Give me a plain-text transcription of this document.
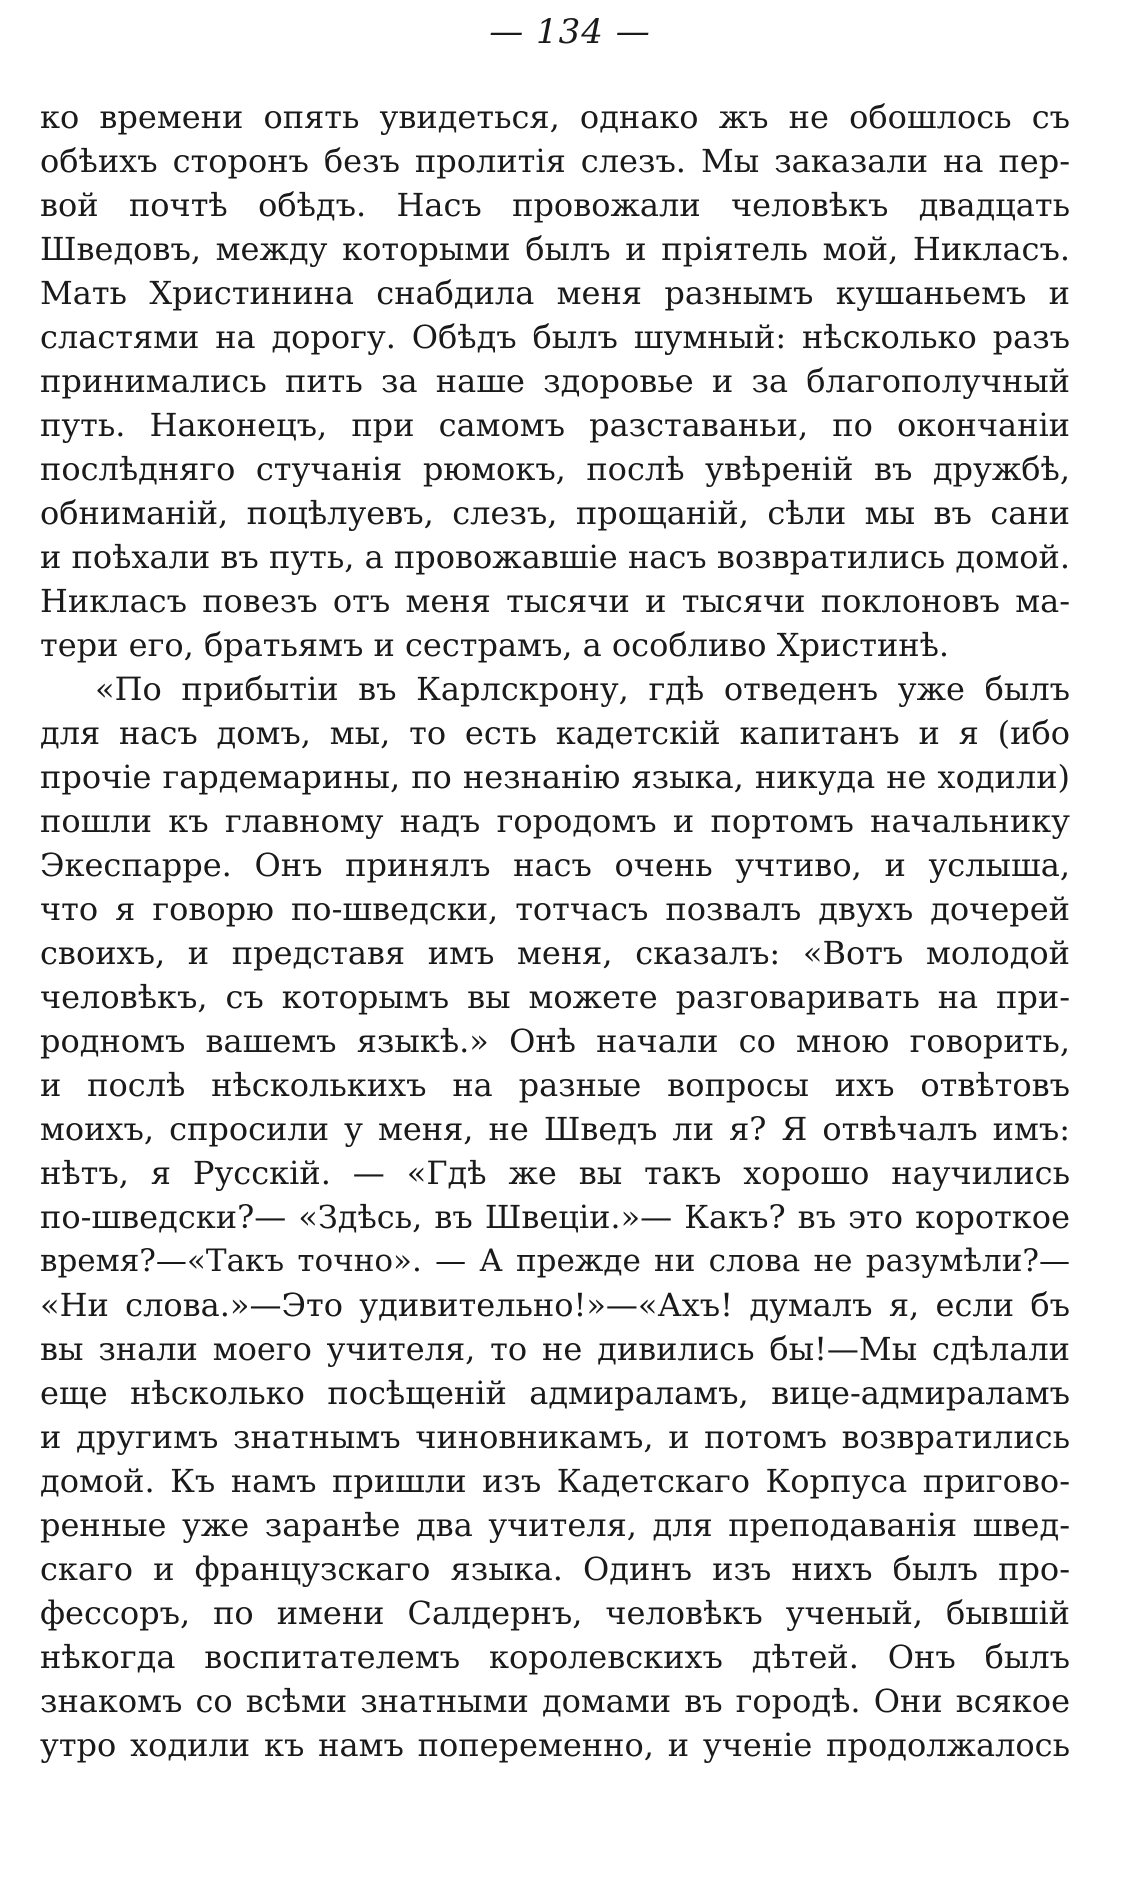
— 134 —
ко времени опять увидеться, однако жъ не обошлось съ
обѣихъ сторонъ безъ пролитія слезъ. Мы заказали на пер-
вой почтѣ обѣдъ. Насъ провожали человѣкъ двадцать
Шведовъ, между которыми былъ и пріятель мой, Никласъ.
Мать Христинина снабдила меня разнымъ кушаньемъ и
сластями на дорогу. Обѣдъ былъ шумный: нѣсколько разъ
принимались пить за наше здоровье и за благополучный
путь. Наконецъ, при самомъ разставаньи, по окончаніи
послѣдняго стучанія рюмокъ, послѣ увѣреній въ дружбѣ,
обниманій, поцѣлуевъ, слезъ, прощаній, сѣли мы въ сани
и поѣхали въ путь, а провожавшіе насъ возвратились домой.
Никласъ повезъ отъ меня тысячи и тысячи поклоновъ ма-
тери его, братьямъ и сестрамъ, а особливо Христинѣ.
«По прибытіи въ Карлскрону, гдѣ отведенъ уже былъ
для насъ домъ, мы, то есть кадетскій капитанъ и я (ибо
прочіе гардемарины, по незнанію языка, никуда не ходили)
пошли къ главному надъ городомъ и портомъ начальнику
Экеспарре. Онъ принялъ насъ очень учтиво, и услыша,
что я говорю по-шведски, тотчасъ позвалъ двухъ дочерей
своихъ, и представя имъ меня, сказалъ: «Вотъ молодой
человѣкъ, съ которымъ вы можете разговаривать на при-
родномъ вашемъ языкѣ.» Онѣ начали со мною говорить,
и послѣ нѣсколькихъ на разные вопросы ихъ отвѣтовъ
моихъ, спросили у меня, не Шведъ ли я? Я отвѣчалъ имъ:
нѣтъ, я Русскій. — «Гдѣ же вы такъ хорошо научились
по-шведски?— «Здѣсь, въ Швеціи.»— Какъ? въ это короткое
время?—«Такъ точно». — А прежде ни слова не разумѣли?—
«Ни слова.»—Это удивительно!»—«Ахъ! думалъ я, если бъ
вы знали моего учителя, то не дивились бы!—Мы сдѣлали
еще нѣсколько посѣщеній адмираламъ, вице-адмираламъ
и другимъ знатнымъ чиновникамъ, и потомъ возвратились
домой. Къ намъ пришли изъ Кадетскаго Корпуса пригово-
ренные уже заранѣе два учителя, для преподаванія швед-
скаго и французскаго языка. Одинъ изъ нихъ былъ про-
фессоръ, по имени Салдернъ, человѣкъ ученый, бывшій
нѣкогда воспитателемъ королевскихъ дѣтей. Онъ былъ
знакомъ со всѣми знатными домами въ городѣ. Они всякое
утро ходили къ намъ попеременно, и ученіе продолжалось
